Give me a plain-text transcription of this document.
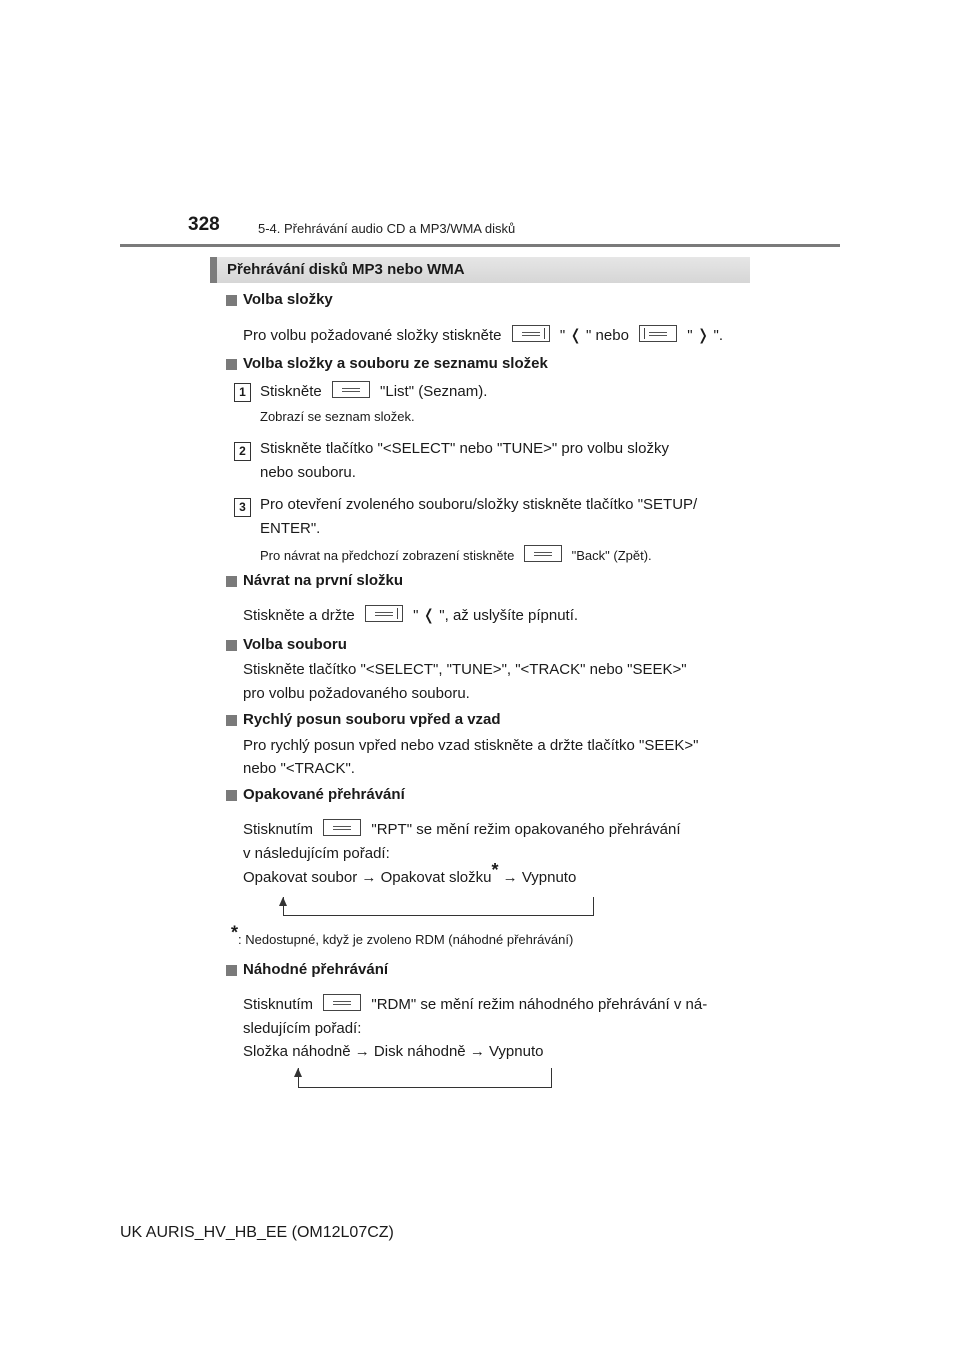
328	5-4. Přehrávání audio CD a MP3/WMA disků
Přehrávání disků MP3 nebo WMA
Volba složky
Pro volbu požadované složky stiskněte	" ❬ " nebo	" ❭ ".
Volba složky a souboru ze seznamu složek
1 Stiskněte	"List" (Seznam).
Zobrazí se seznam složek.
2 Stiskněte tlačítko "<SELECT" nebo "TUNE>" pro volbu složky
nebo souboru.
3 Pro otevření zvoleného souboru/složky stiskněte tlačítko "SETUP/
ENTER".
Pro návrat na předchozí zobrazení stiskněte	"Back" (Zpět).
Návrat na první složku
Stiskněte a držte	" ❬ ", až uslyšíte pípnutí.
Volba souboru
Stiskněte tlačítko "<SELECT", "TUNE>", "<TRACK" nebo "SEEK>"
pro volbu požadovaného souboru.
Rychlý posun souboru vpřed a vzad
Pro rychlý posun vpřed nebo vzad stiskněte a držte tlačítko "SEEK>"
nebo "<TRACK".
Opakované přehrávání
Stisknutím	"RPT" se mění režim opakovaného přehrávání
v následujícím pořadí:
Opakovat soubor → Opakovat složku* → Vypnuto
*: Nedostupné, když je zvoleno RDM (náhodné přehrávání)
Náhodné přehrávání
Stisknutím	"RDM" se mění režim náhodného přehrávání v ná-
sledujícím pořadí:
Složka náhodně → Disk náhodně → Vypnuto
UK AURIS_HV_HB_EE (OM12L07CZ)
